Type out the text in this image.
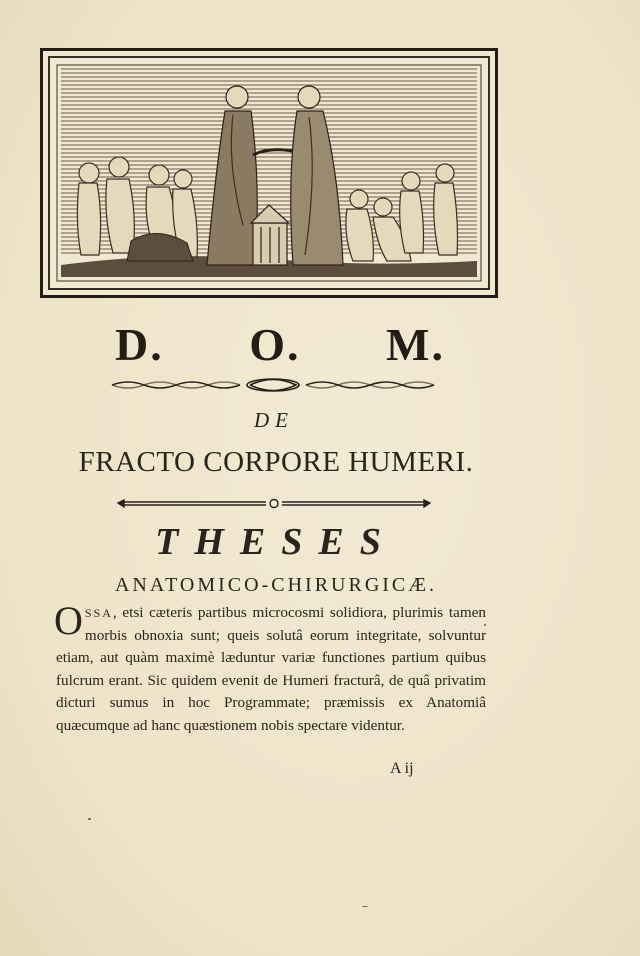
D. O. M.
DE
FRACTO CORPORE HUMERI.
THESES
ANATOMICO-CHIRURGICÆ.
OSSA, etsi cæteris partibus microcosmi solidiora, plurimis tamen morbis obnoxia sunt; queis solutâ eorum integritate, solvuntur etiam, aut quàm maximè læduntur variæ functiones partium quibus fulcrum erant. Sic quidem evenit de Humeri fracturâ, de quâ privatim dicturi sumus in hoc Programmate; præmissis ex Anatomiâ quæcumque ad hanc quæstionem nobis spectare videntur.
A ij
